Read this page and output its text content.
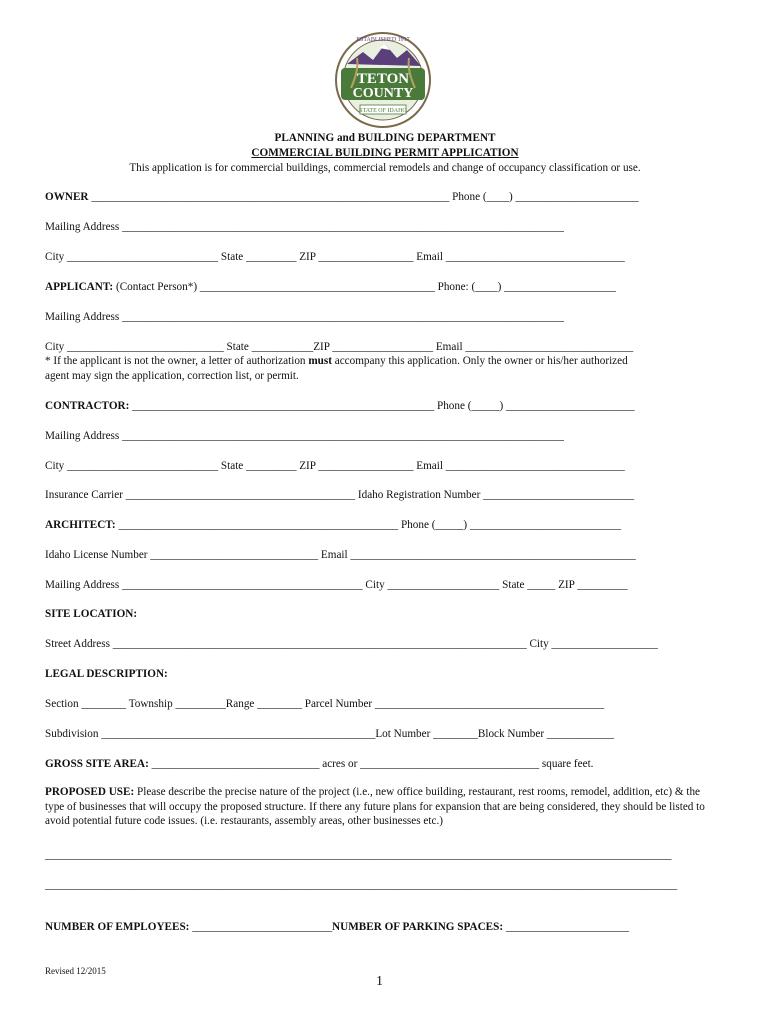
TETON
COUNTY
ESTABLISHED 1917
STATE OF IDAHO
PLANNING and BUILDING DEPARTMENT
COMMERCIAL BUILDING PERMIT APPLICATION
This application is for commercial buildings, commercial remodels and change of occupancy classification or use.
OWNER ________________________________________________________________ Phone (____) ______________________
Mailing Address _______________________________________________________________________________
City ___________________________ State _________ ZIP _________________ Email ________________________________
APPLICANT: (Contact Person*) __________________________________________ Phone: (____) ____________________
Mailing Address _______________________________________________________________________________
City ____________________________ State ___________ZIP __________________ Email ______________________________
* If the applicant is not the owner, a letter of authorization must accompany this application. Only the owner or his/her authorized
agent may sign the application, correction list, or permit.
CONTRACTOR: ______________________________________________________ Phone (_____) _______________________
Mailing Address _______________________________________________________________________________
City ___________________________ State _________ ZIP _________________ Email ________________________________
Insurance Carrier _________________________________________ Idaho Registration Number ___________________________
ARCHITECT: __________________________________________________ Phone (_____) ___________________________
Idaho License Number ______________________________ Email ___________________________________________________
Mailing Address ___________________________________________ City ____________________ State _____ ZIP _________
SITE LOCATION:
Street Address __________________________________________________________________________ City ___________________
LEGAL DESCRIPTION:
Section ________ Township _________Range ________ Parcel Number _________________________________________
Subdivision _________________________________________________Lot Number ________Block Number ____________
GROSS SITE AREA: ______________________________ acres or ________________________________ square feet.
PROPOSED USE: Please describe the precise nature of the project (i.e., new office building, restaurant, rest rooms, remodel, addition, etc) & the type of businesses that will occupy the proposed structure. If there any future plans for expansion that are being considered, they should be listed to avoid potential future code issues. (i.e. restaurants, assembly areas, other businesses etc.)
________________________________________________________________________________________________________________
_________________________________________________________________________________________________________________
NUMBER OF EMPLOYEES: _________________________NUMBER OF PARKING SPACES: ______________________
Revised 12/2015
1
